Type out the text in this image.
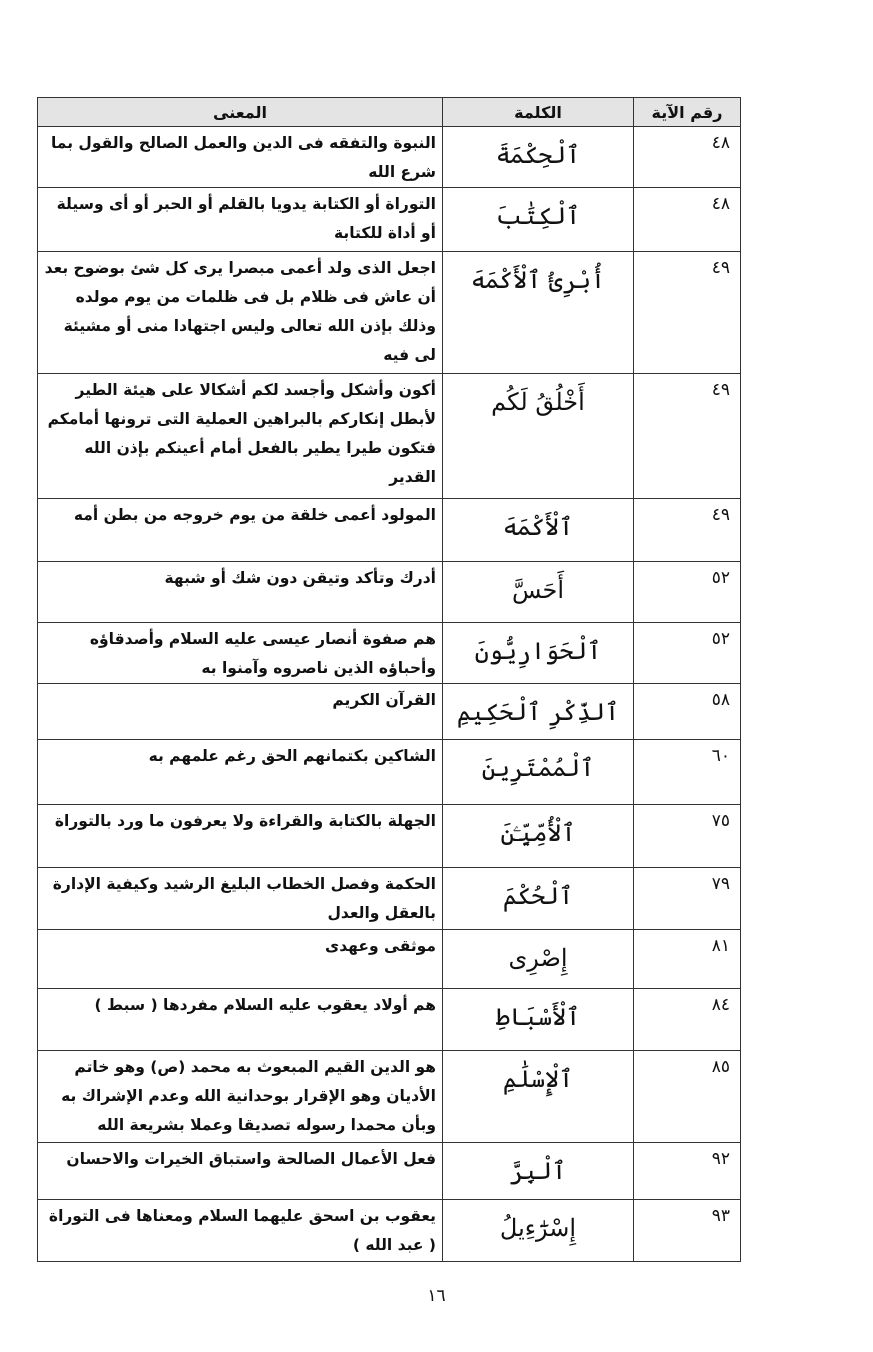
رقم الآية	الكلمة	المعنى
٤٨	ٱلْحِكْمَةَ	النبوة والتفقه فى الدين والعمل الصالح والقول بما شرع الله
٤٨	ٱلْكِتَٰبَ	التوراة أو الكتابة يدويا بالقلم أو الحبر أو أى وسيلة أو أداة للكتابة
٤٩	أُبْرِئُ ٱلْأَكْمَهَ	اجعل الذى ولد أعمى مبصرا يرى كل شئ بوضوح بعد أن عاش فى ظلام بل فى ظلمات من يوم مولده وذلك بإذن الله تعالى وليس اجتهادا منى أو مشيئة لى فيه
٤٩	أَخْلُقُ لَكُم	أكون وأشكل وأجسد لكم أشكالا على هيئة الطير لأبطل إنكاركم بالبراهين العملية التى ترونها أمامكم فتكون طيرا يطير بالفعل أمام أعينكم بإذن الله القدير
٤٩	ٱلْأَكْمَهَ	المولود أعمى خلقة من يوم خروجه من بطن أمه
٥٢	أَحَسَّ	أدرك وتأكد وتيقن دون شك أو شبهة
٥٢	ٱلْحَوَارِيُّونَ	هم صفوة أنصار عيسى عليه السلام وأصدقاؤه وأحباؤه الذين ناصروه وآمنوا به
٥٨	ٱلذِّكْرِ ٱلْحَكِيمِ	القرآن الكريم
٦٠	ٱلْمُمْتَرِينَ	الشاكين بكتمانهم الحق رغم علمهم به
٧٥	ٱلْأُمِّيِّـۧنَ	الجهلة بالكتابة والقراءة ولا يعرفون ما ورد بالتوراة
٧٩	ٱلْحُكْمَ	الحكمة وفصل الخطاب البليغ الرشيد وكيفية الإدارة بالعقل والعدل
٨١	إِصْرِى	موثقى وعهدى
٨٤	ٱلْأَسْبَاطِ	هم أولاد يعقوب عليه السلام مفردها ( سبط )
٨٥	ٱلْإِسْلَٰمِ	هو الدين القيم المبعوث به محمد (ص) وهو خاتم الأديان وهو الإقرار بوحدانية الله وعدم الإشراك به وبأن محمدا رسوله تصديقا وعملا بشريعة الله
٩٢	ٱلْبِرَّ	فعل الأعمال الصالحة واستباق الخيرات والاحسان
٩٣	إِسْرَٰٓءِيلُ	يعقوب بن اسحق عليهما السلام ومعناها فى التوراة ( عبد الله )
١٦
